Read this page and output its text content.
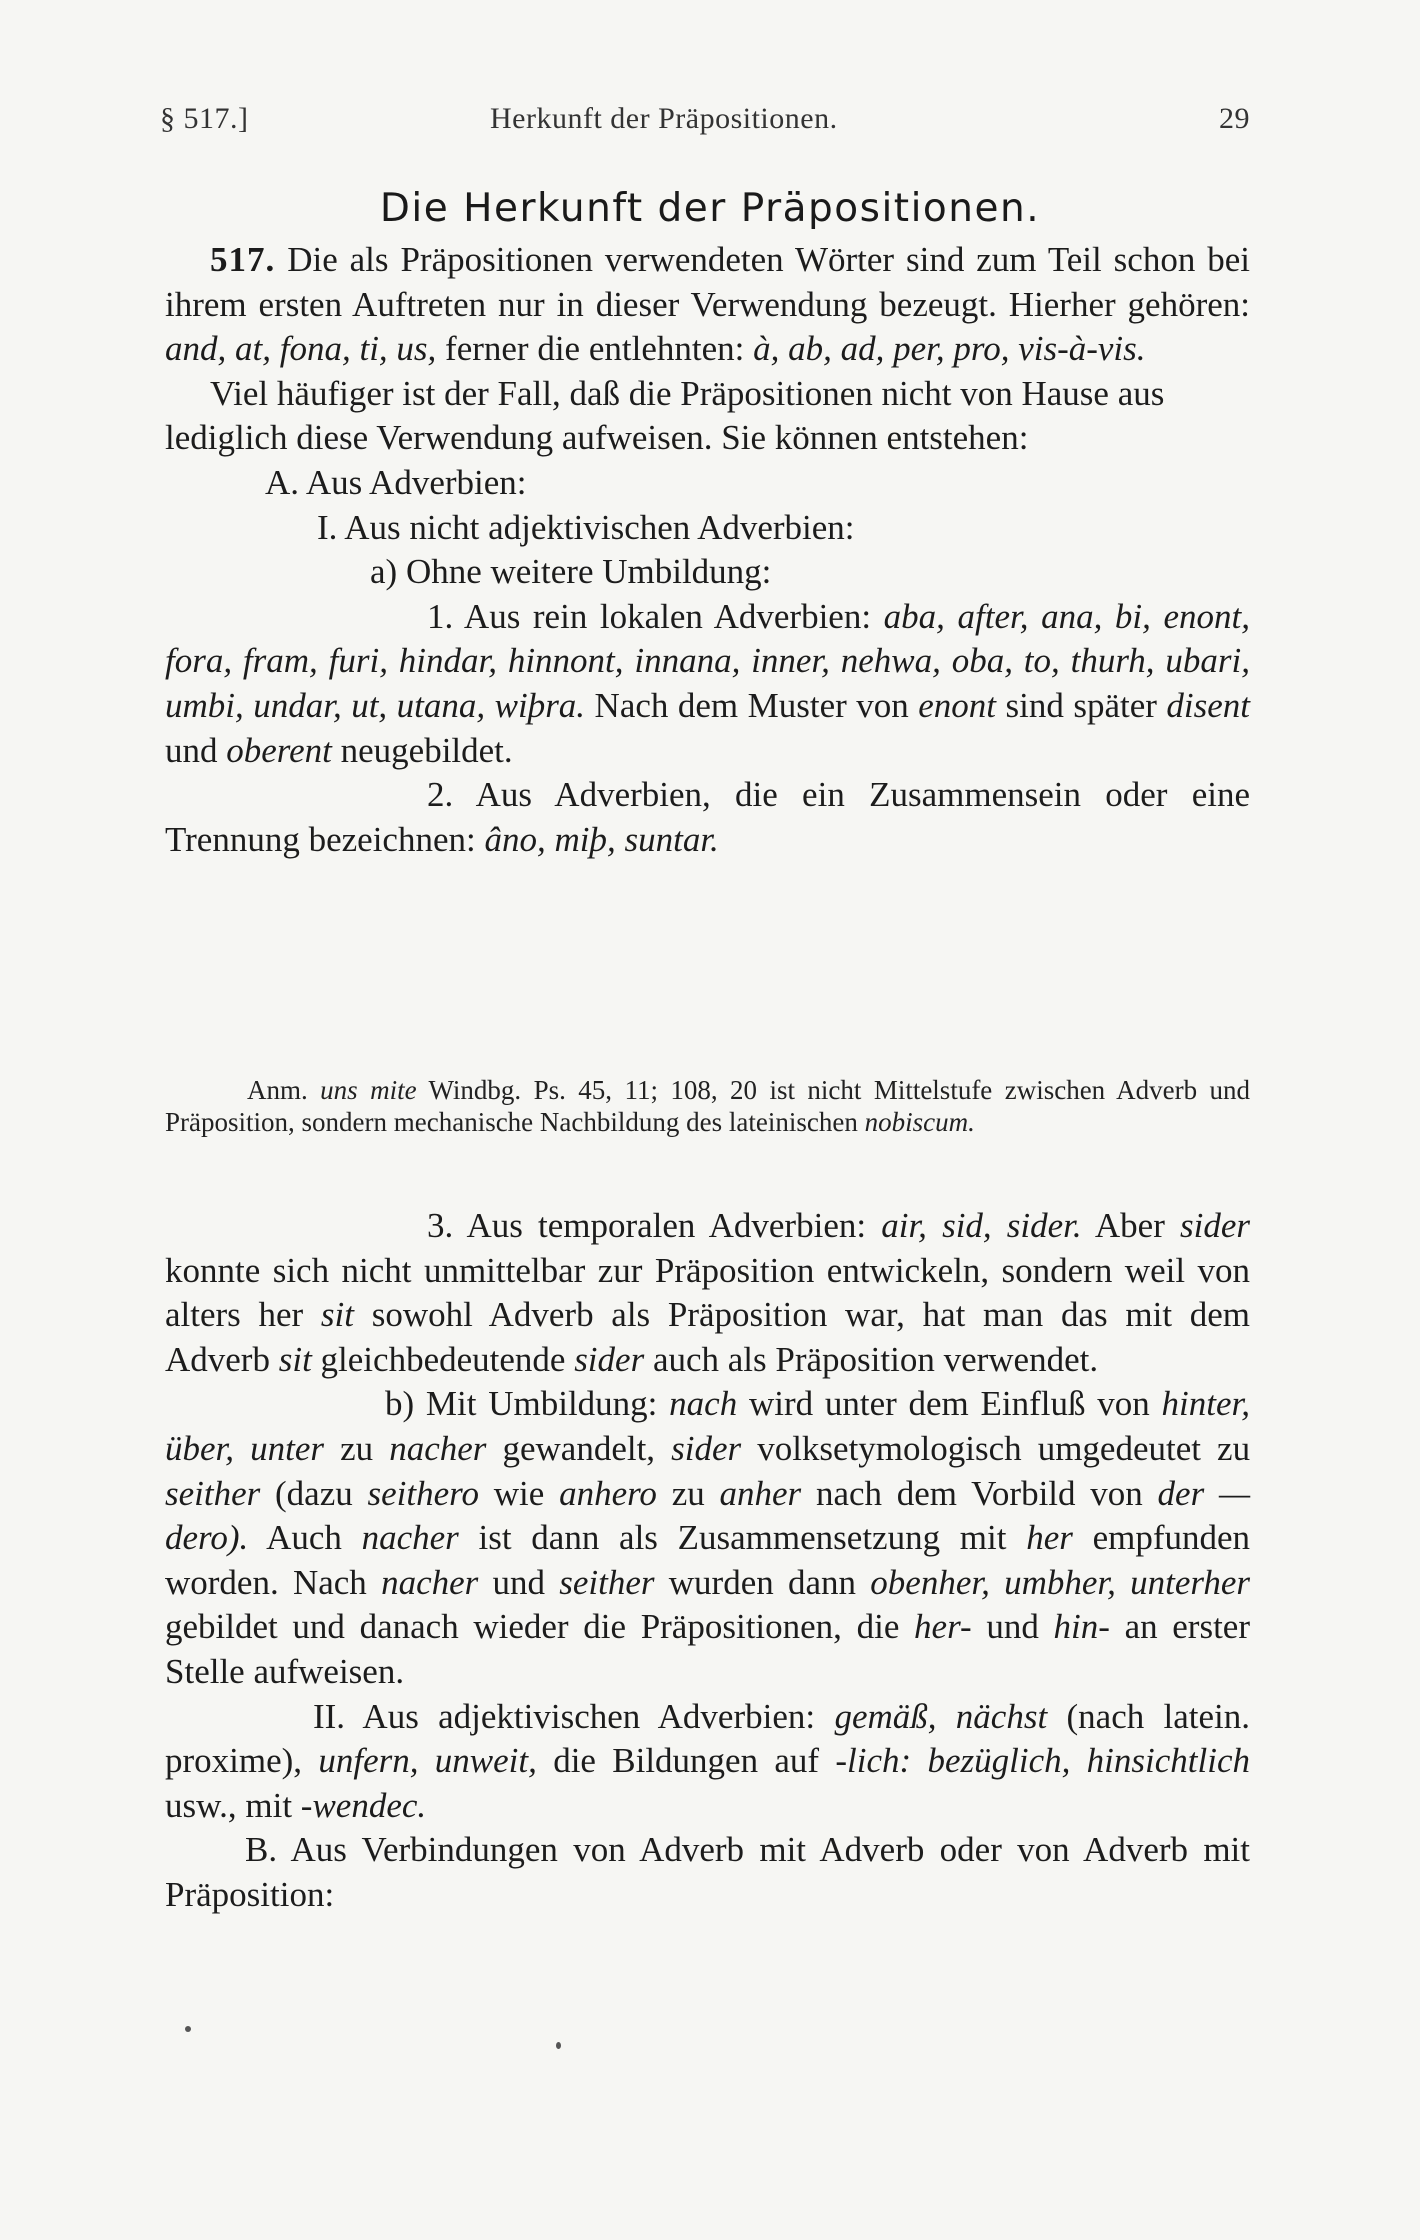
§ 517.]	Herkunft der Präpositionen.	29
Die Herkunft der Präpositionen.

517. Die als Präpositionen verwendeten Wörter sind zum Teil schon bei ihrem ersten Auftreten nur in dieser Verwendung bezeugt. Hierher gehören: and, at, fona, ti, us, ferner die entlehnten: à, ab, ad, per, pro, vis-à-vis.

Viel häufiger ist der Fall, daß die Präpositionen nicht von Hause aus lediglich diese Verwendung aufweisen. Sie können entstehen:

A. Aus Adverbien:

I. Aus nicht adjektivischen Adverbien:

a) Ohne weitere Umbildung:

1. Aus rein lokalen Adverbien: aba, after, ana, bi, enont, fora, fram, furi, hindar, hinnont, innana, inner, nehwa, oba, to, thurh, ubari, umbi, undar, ut, utana, wiþra. Nach dem Muster von enont sind später disent und oberent neugebildet.

2. Aus Adverbien, die ein Zusammensein oder eine Trennung bezeichnen: âno, miþ, suntar.

Anm. uns mite Windbg. Ps. 45, 11; 108, 20 ist nicht Mittelstufe zwischen Adverb und Präposition, sondern mechanische Nachbildung des lateinischen nobiscum.

3. Aus temporalen Adverbien: air, sid, sider. Aber sider konnte sich nicht unmittelbar zur Präposition entwickeln, sondern weil von alters her sit sowohl Adverb als Präposition war, hat man das mit dem Adverb sit gleichbedeutende sider auch als Präposition verwendet.

b) Mit Umbildung: nach wird unter dem Einfluß von hinter, über, unter zu nacher gewandelt, sider volksetymologisch umgedeutet zu seither (dazu seithero wie anhero zu anher nach dem Vorbild von der — dero). Auch nacher ist dann als Zusammensetzung mit her empfunden worden. Nach nacher und seither wurden dann obenher, umbher, unterher gebildet und danach wieder die Präpositionen, die her- und hin- an erster Stelle aufweisen.

II. Aus adjektivischen Adverbien: gemäß, nächst (nach latein. proxime), unfern, unweit, die Bildungen auf -lich: bezüglich, hinsichtlich usw., mit -wendec.

B. Aus Verbindungen von Adverb mit Adverb oder von Adverb mit Präposition:
